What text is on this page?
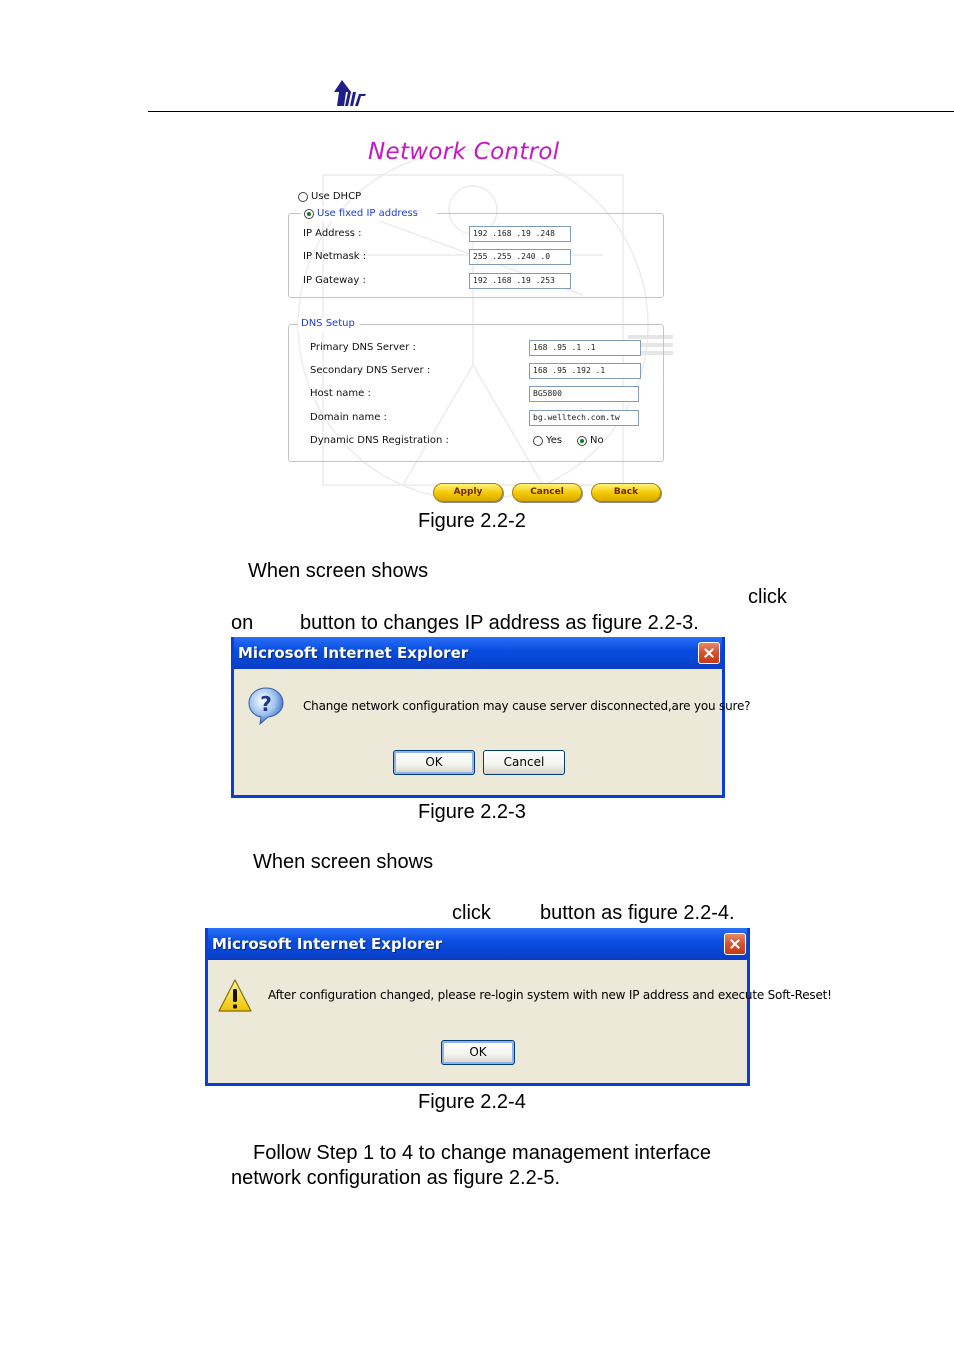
Network Control
Use DHCP
Use fixed IP address
IP Address :	192 .168 .19 .248
IP Netmask :	255 .255 .240 .0
IP Gateway :	192 .168 .19 .253
DNS Setup
Primary DNS Server :	168 .95 .1 .1
Secondary DNS Server :	168 .95 .192 .1
Host name :	BG5800
Domain name :	bg.welltech.com.tw
Dynamic DNS Registration :	Yes	No
Apply	Cancel	Back
Figure 2.2-2
When screen shows
click
on button to changes IP address as figure 2.2-3.
Microsoft Internet Explorer
?	Change network configuration may cause server disconnected,are you sure?
OK	Cancel
Figure 2.2-3
When screen shows
click button as figure 2.2-4.
Microsoft Internet Explorer
After configuration changed, please re-login system with new IP address and execute Soft-Reset!
OK
Figure 2.2-4
Follow Step 1 to 4 to change management interface
network configuration as figure 2.2-5.
